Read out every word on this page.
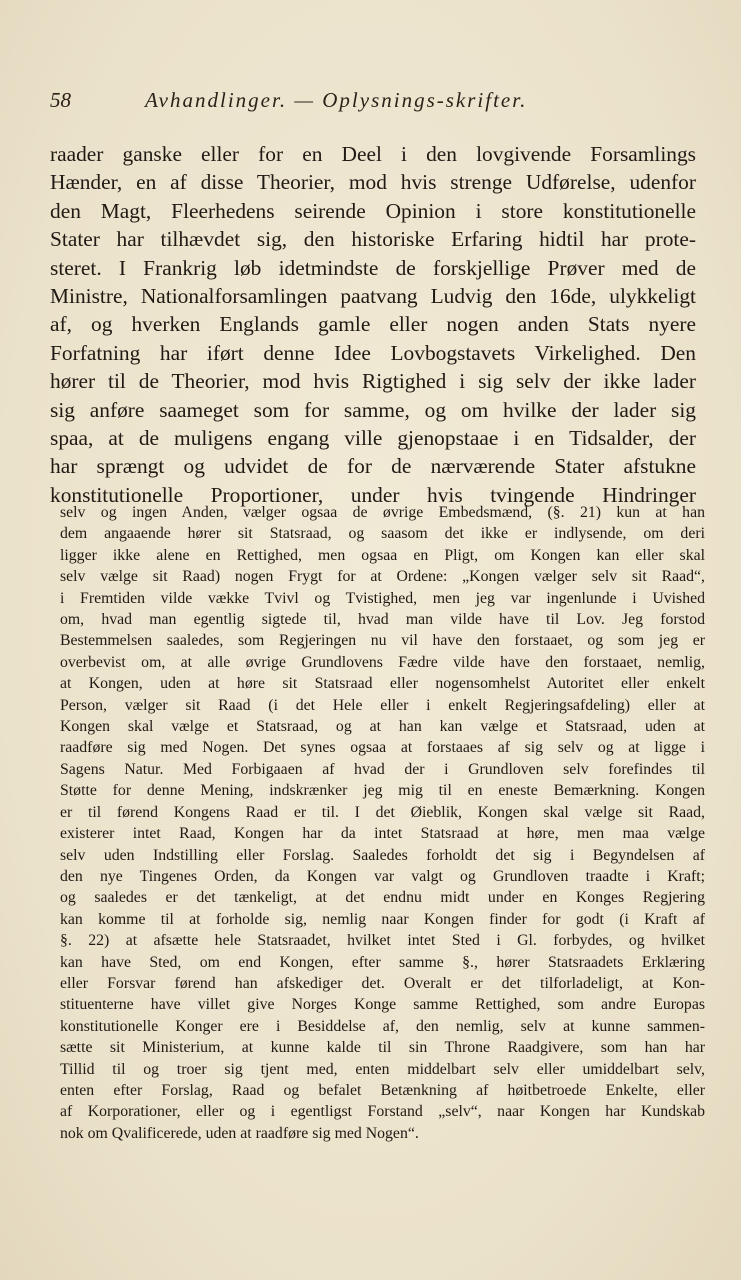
58	Avhandlinger. — Oplysnings-skrifter.
raader ganske eller for en Deel i den lovgivende Forsamlings
Hænder, en af disse Theorier, mod hvis strenge Udførelse, udenfor
den Magt, Fleerhedens seirende Opinion i store konstitutionelle
Stater har tilhævdet sig, den historiske Erfaring hidtil har prote-
steret. I Frankrig løb idetmindste de forskjellige Prøver med de
Ministre, Nationalforsamlingen paatvang Ludvig den 16de, ulykkeligt
af, og hverken Englands gamle eller nogen anden Stats nyere
Forfatning har iført denne Idee Lovbogstavets Virkelighed. Den
hører til de Theorier, mod hvis Rigtighed i sig selv der ikke lader
sig anføre saameget som for samme, og om hvilke der lader sig
spaa, at de muligens engang ville gjenopstaae i en Tidsalder, der
har sprængt og udvidet de for de nærværende Stater afstukne
konstitutionelle Proportioner, under hvis tvingende Hindringer
selv og ingen Anden, vælger ogsaa de øvrige Embedsmænd, (§. 21) kun at han
dem angaaende hører sit Statsraad, og saasom det ikke er indlysende, om deri
ligger ikke alene en Rettighed, men ogsaa en Pligt, om Kongen kan eller skal
selv vælge sit Raad) nogen Frygt for at Ordene: „Kongen vælger selv sit Raad“,
i Fremtiden vilde vække Tvivl og Tvistighed, men jeg var ingenlunde i Uvished
om, hvad man egentlig sigtede til, hvad man vilde have til Lov. Jeg forstod
Bestemmelsen saaledes, som Regjeringen nu vil have den forstaaet, og som jeg er
overbevist om, at alle øvrige Grundlovens Fædre vilde have den forstaaet, nemlig,
at Kongen, uden at høre sit Statsraad eller nogensomhelst Autoritet eller enkelt
Person, vælger sit Raad (i det Hele eller i enkelt Regjeringsafdeling) eller at
Kongen skal vælge et Statsraad, og at han kan vælge et Statsraad, uden at
raadføre sig med Nogen. Det synes ogsaa at forstaaes af sig selv og at ligge i
Sagens Natur. Med Forbigaaen af hvad der i Grundloven selv forefindes til
Støtte for denne Mening, indskrænker jeg mig til en eneste Bemærkning. Kongen
er til førend Kongens Raad er til. I det Øieblik, Kongen skal vælge sit Raad,
existerer intet Raad, Kongen har da intet Statsraad at høre, men maa vælge
selv uden Indstilling eller Forslag. Saaledes forholdt det sig i Begyndelsen af
den nye Tingenes Orden, da Kongen var valgt og Grundloven traadte i Kraft;
og saaledes er det tænkeligt, at det endnu midt under en Konges Regjering
kan komme til at forholde sig, nemlig naar Kongen finder for godt (i Kraft af
§. 22) at afsætte hele Statsraadet, hvilket intet Sted i Gl. forbydes, og hvilket
kan have Sted, om end Kongen, efter samme §., hører Statsraadets Erklæring
eller Forsvar førend han afskediger det. Overalt er det tilforladeligt, at Kon-
stituenterne have villet give Norges Konge samme Rettighed, som andre Europas
konstitutionelle Konger ere i Besiddelse af, den nemlig, selv at kunne sammen-
sætte sit Ministerium, at kunne kalde til sin Throne Raadgivere, som han har
Tillid til og troer sig tjent med, enten middelbart selv eller umiddelbart selv,
enten efter Forslag, Raad og befalet Betænkning af høitbetroede Enkelte, eller
af Korporationer, eller og i egentligst Forstand „selv“, naar Kongen har Kundskab
nok om Qvalificerede, uden at raadføre sig med Nogen“.
